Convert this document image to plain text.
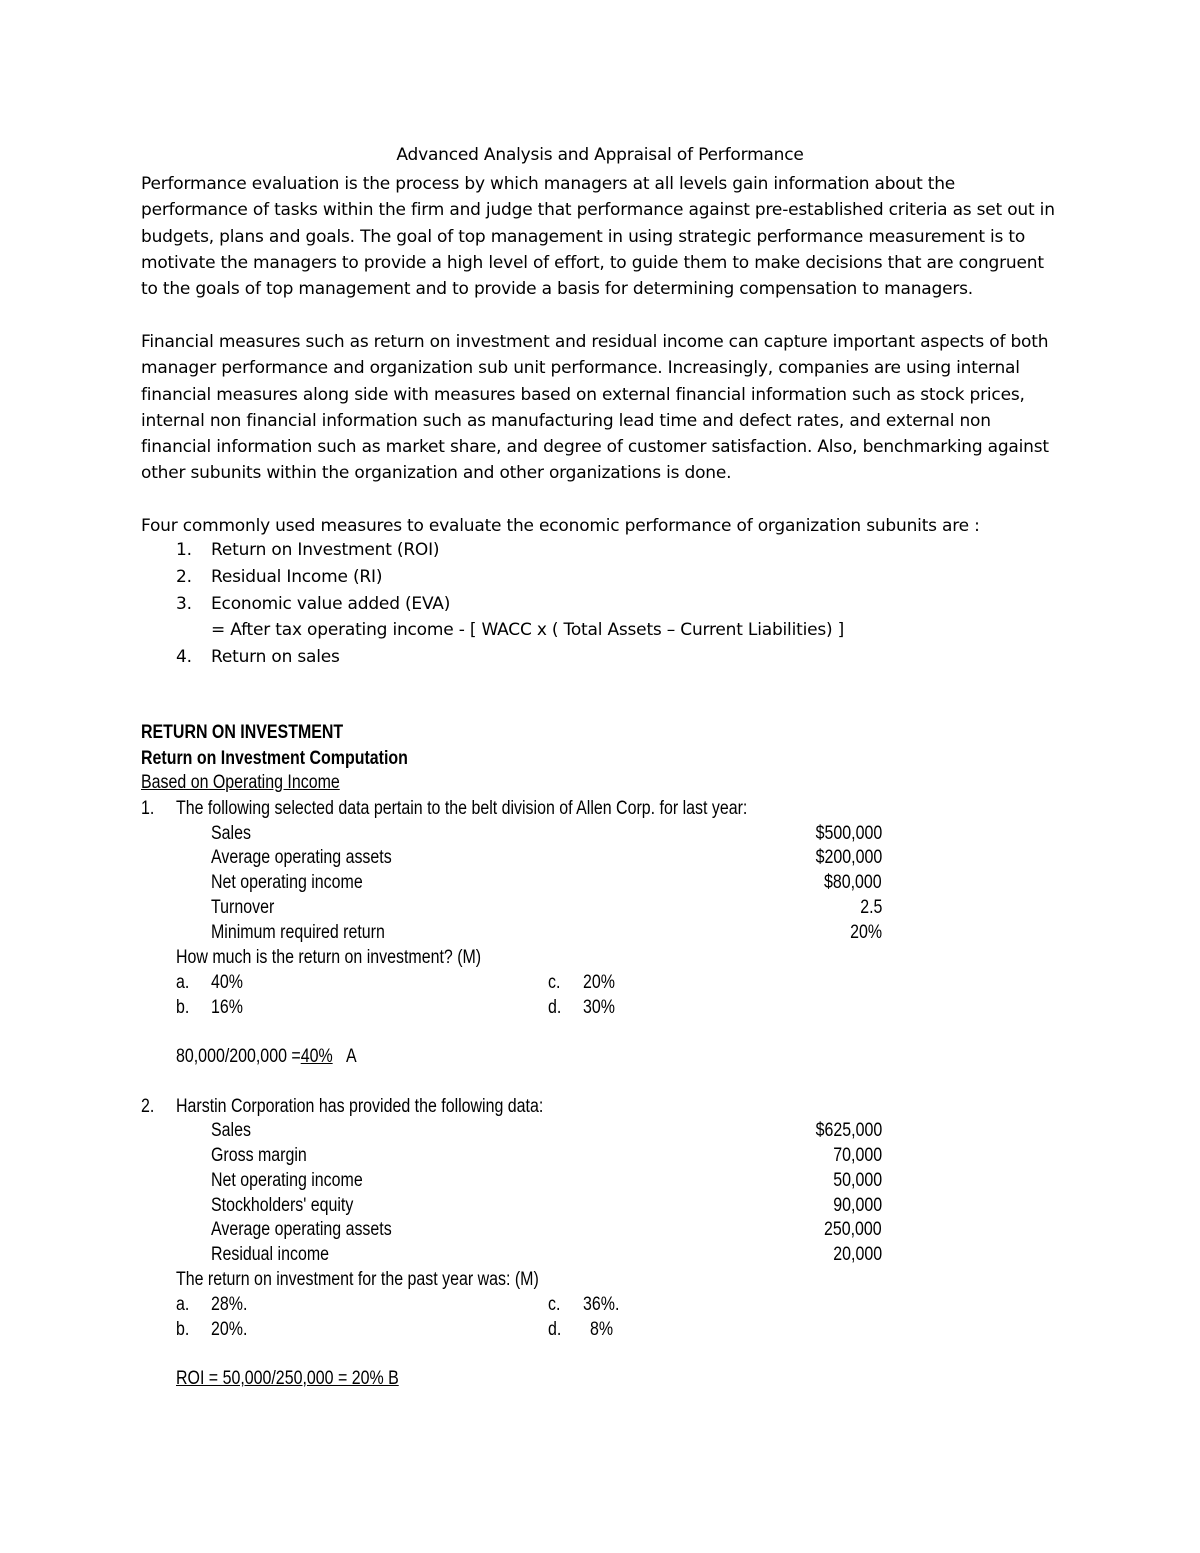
Advanced Analysis and Appraisal of Performance
Performance evaluation is the process by which managers at all levels gain information about the performance of tasks within the firm and judge that performance against pre-established criteria as set out in budgets, plans and goals. The goal of top management in using strategic performance measurement is to motivate the managers to provide a high level of effort, to guide them to make decisions that are congruent to the goals of top management and to provide a basis for determining compensation to managers.
Financial measures such as return on investment and residual income can capture important aspects of both manager performance and organization sub unit performance. Increasingly, companies are using internal financial measures along side with measures based on external financial information such as stock prices, internal non financial information such as manufacturing lead time and defect rates, and external non financial information such as market share, and degree of customer satisfaction. Also, benchmarking against other subunits within the organization and other organizations is done.
Four commonly used measures to evaluate the economic performance of organization subunits are :
1. Return on Investment (ROI)
2. Residual Income (RI)
3. Economic value added (EVA)
= After tax operating income - [ WACC x ( Total Assets – Current Liabilities) ]
4. Return on sales
RETURN ON INVESTMENT
Return on Investment Computation
Based on Operating Income
1. The following selected data pertain to the belt division of Allen Corp. for last year:
Sales	$500,000
Average operating assets	$200,000
Net operating income	$80,000
Turnover	2.5
Minimum required return	20%
How much is the return on investment? (M)
a. 40%	c. 20%
b. 16%	d. 30%
80,000/200,000 =40% A
2. Harstin Corporation has provided the following data:
Sales	$625,000
Gross margin	70,000
Net operating income	50,000
Stockholders' equity	90,000
Average operating assets	250,000
Residual income	20,000
The return on investment for the past year was: (M)
a. 28%.	c. 36%.
b. 20%.	d. 8%
ROI = 50,000/250,000 = 20% B
